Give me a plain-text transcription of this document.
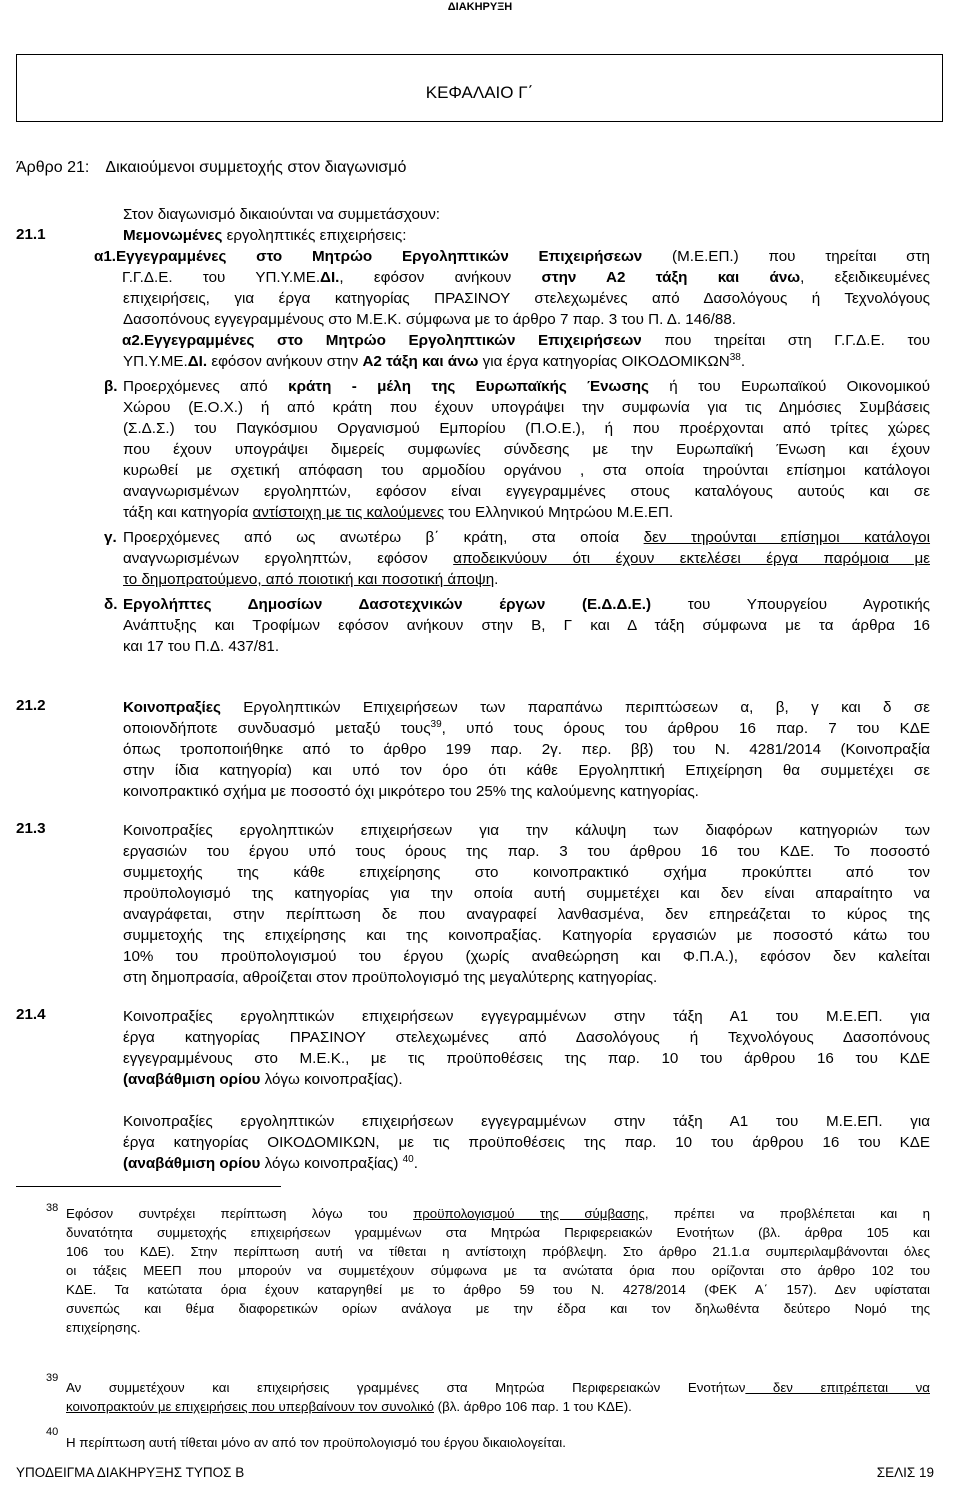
ΔΙΑΚΗΡΥΞΗ
ΚΕΦΑΛΑΙΟ Γ΄
Άρθρο 21: Δικαιούμενοι συμμετοχής στον διαγωνισμό
21.1
Στον διαγωνισμό δικαιούνται να συμμετάσχουν:
Μεμονωμένες εργοληπτικές επιχειρήσεις:
α1.Εγγεγραμμένες στο Μητρώο Εργοληπτικών Επιχειρήσεων (Μ.Ε.ΕΠ.) που τηρείται στη
Γ.Γ.Δ.Ε. του ΥΠ.Υ.ΜΕ.ΔΙ., εφόσον ανήκουν στην Α2 τάξη και άνω, εξειδικευμένες
επιχειρήσεις, για έργα κατηγορίας ΠΡΑΣΙΝΟΥ στελεχωμένες από Δασολόγους ή Τεχνολόγους
Δασοπόνους εγγεγραμμένους στο Μ.Ε.Κ. σύμφωνα με το άρθρο 7 παρ. 3 του Π. Δ. 146/88.
α2.Εγγεγραμμένες στο Μητρώο Εργοληπτικών Επιχειρήσεων που τηρείται στη Γ.Γ.Δ.Ε. του
ΥΠ.Υ.ΜΕ.ΔΙ. εφόσον ανήκουν στην Α2 τάξη και άνω για έργα κατηγορίας ΟΙΚΟΔΟΜΙΚΩΝ$^{38}$.
β. Προερχόμενες από κράτη - μέλη της Ευρωπαϊκής Ένωσης ή του Ευρωπαϊκού Οικονομικού
Χώρου (Ε.Ο.Χ.) ή από κράτη που έχουν υπογράψει την συμφωνία για τις Δημόσιες Συμβάσεις
(Σ.Δ.Σ.) του Παγκόσμιου Οργανισμού Εμπορίου (Π.Ο.Ε.), ή που προέρχονται από τρίτες χώρες
που έχουν υπογράψει διμερείς συμφωνίες σύνδεσης με την Ευρωπαϊκή Ένωση και έχουν
κυρωθεί με σχετική απόφαση του αρμοδίου οργάνου , στα οποία τηρούνται επίσημοι κατάλογοι
αναγνωρισμένων εργοληπτών, εφόσον είναι εγγεγραμμένες στους καταλόγους αυτούς και σε
τάξη και κατηγορία αντίστοιχη με τις καλούμενες του Ελληνικού Μητρώου Μ.Ε.ΕΠ.
γ. Προερχόμενες από ως ανωτέρω β΄ κράτη, στα οποία δεν τηρούνται επίσημοι κατάλογοι
αναγνωρισμένων εργοληπτών, εφόσον αποδεικνύουν ότι έχουν εκτελέσει έργα παρόμοια με
το δημοπρατούμενο, από ποιοτική και ποσοτική άποψη.
δ. Εργολήπτες Δημοσίων Δασοτεχνικών έργων (Ε.Δ.Δ.Ε.) του Υπουργείου Αγροτικής
Ανάπτυξης και Τροφίμων εφόσον ανήκουν στην Β, Γ και Δ τάξη σύμφωνα με τα άρθρα 16
και 17 του Π.Δ. 437/81.
21.2	Κοινοπραξίες Εργοληπτικών Επιχειρήσεων των παραπάνω περιπτώσεων α, β, γ και δ σε
οποιονδήποτε συνδυασμό μεταξύ τους$^{39}$, υπό τους όρους του άρθρου 16 παρ. 7 του ΚΔΕ
όπως τροποποιήθηκε από το άρθρο 199 παρ. 2γ. περ. ββ) του Ν. 4281/2014 (Κοινοπραξία
στην ίδια κατηγορία) και υπό τον όρο ότι κάθε Εργοληπτική Επιχείρηση θα συμμετέχει σε
κοινοπρακτικό σχήμα με ποσοστό όχι μικρότερο του 25% της καλούμενης κατηγορίας.
21.3	Κοινοπραξίες εργοληπτικών επιχειρήσεων για την κάλυψη των διαφόρων κατηγοριών των
εργασιών του έργου υπό τους όρους της παρ. 3 του άρθρου 16 του ΚΔΕ. Το ποσοστό
συμμετοχής της κάθε επιχείρησης στο κοινοπρακτικό σχήμα προκύπτει από τον
προϋπολογισμό της κατηγορίας για την οποία αυτή συμμετέχει και δεν είναι απαραίτητο να
αναγράφεται, στην περίπτωση δε που αναγραφεί λανθασμένα, δεν επηρεάζεται το κύρος της
συμμετοχής της επιχείρησης και της κοινοπραξίας. Κατηγορία εργασιών με ποσοστό κάτω του
10% του προϋπολογισμού του έργου (χωρίς αναθεώρηση και Φ.Π.Α.), εφόσον δεν καλείται
στη δημοπρασία, αθροίζεται στον προϋπολογισμό της μεγαλύτερης κατηγορίας.
21.4	Κοινοπραξίες εργοληπτικών επιχειρήσεων εγγεγραμμένων στην τάξη Α1 του Μ.Ε.ΕΠ. για
έργα κατηγορίας ΠΡΑΣΙΝΟΥ στελεχωμένες από Δασολόγους ή Τεχνολόγους Δασοπόνους
εγγεγραμμένους στο Μ.Ε.Κ., με τις προϋποθέσεις της παρ. 10 του άρθρου 16 του ΚΔΕ
(αναβάθμιση ορίου λόγω κοινοπραξίας).
Κοινοπραξίες εργοληπτικών επιχειρήσεων εγγεγραμμένων στην τάξη Α1 του Μ.Ε.ΕΠ. για
έργα κατηγορίας ΟΙΚΟΔΟΜΙΚΩΝ, με τις προϋποθέσεις της παρ. 10 του άρθρου 16 του ΚΔΕ
(αναβάθμιση ορίου λόγω κοινοπραξίας) $^{40}$.
38 Εφόσον συντρέχει περίπτωση λόγω του προϋπολογισμού της σύμβασης, πρέπει να προβλέπεται και η
δυνατότητα συμμετοχής επιχειρήσεων γραμμένων στα Μητρώα Περιφερειακών Ενοτήτων (βλ. άρθρα 105 και
106 του ΚΔΕ). Στην περίπτωση αυτή να τίθεται η αντίστοιχη πρόβλεψη. Στο άρθρο 21.1.α συμπεριλαμβάνονται όλες
οι τάξεις ΜΕΕΠ που μπορούν να συμμετέχουν σύμφωνα με τα ανώτατα όρια που ορίζονται στο άρθρο 102 του
ΚΔΕ. Τα κατώτατα όρια έχουν καταργηθεί με το άρθρο 59 του Ν. 4278/2014 (ΦΕΚ Α΄ 157). Δεν υφίσταται
συνεπώς και θέμα διαφορετικών ορίων ανάλογα με την έδρα και τον δηλωθέντα δεύτερο Νομό της
επιχείρησης.
39
Αν συμμετέχουν και επιχειρήσεις γραμμένες στα Μητρώα Περιφερειακών Ενοτήτων δεν επιτρέπεται να
κοινοπρακτούν με επιχειρήσεις που υπερβαίνουν τον συνολικό (βλ. άρθρο 106 παρ. 1 του ΚΔΕ).
40
Η περίπτωση αυτή τίθεται μόνο αν από τον προϋπολογισμό του έργου δικαιολογείται.
ΥΠΟΔΕΙΓΜΑ ΔΙΑΚΗΡΥΞΗΣ ΤΥΠΟΣ Β	ΣΕΛΙΣ 19
